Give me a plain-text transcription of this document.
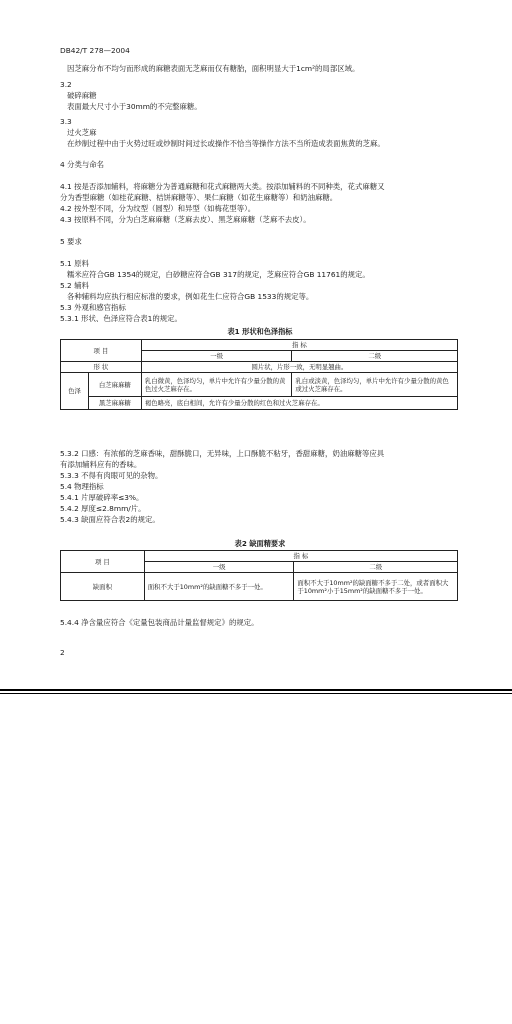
DB42/T 278—2004
因芝麻分布不均匀而形成的麻糖表面无芝麻而仅有糖胎，面积明显大于1cm²的局部区域。
3.2
破碎麻糖
表面最大尺寸小于30mm的不完整麻糖。
3.3
过火芝麻
在炒制过程中由于火势过旺或炒制时间过长或操作不恰当等操作方法不当所造成表面焦黄的芝麻。
4 分类与命名
4.1 按是否添加辅料，将麻糖分为普通麻糖和花式麻糖两大类。按添加辅料的不同种类，花式麻糖又
分为香型麻糖（如桂花麻糖、桔饼麻糖等）、果仁麻糖（如花生麻糖等）和奶油麻糖。
4.2 按外型不同，分为纹型（圆型）和异型（如梅花型等）。
4.3 按原料不同，分为白芝麻麻糖（芝麻去皮）、黑芝麻麻糖（芝麻不去皮）。
5 要求
5.1 原料
糯米应符合GB 1354的规定，白砂糖应符合GB 317的规定，芝麻应符合GB 11761的规定。
5.2 辅料
各种辅料均应执行相应标准的要求，例如花生仁应符合GB 1533的规定等。
5.3 外观和感官指标
5.3.1 形状、色泽应符合表1的规定。
5.3.2 口感：有浓郁的芝麻香味，甜酥脆口，无异味，上口酥脆不粘牙，香甜麻糖，奶油麻糖等应具
有添加辅料应有的香味。
5.3.3 不得有肉眼可见的杂物。
5.4 物理指标
5.4.1 片厚破碎率≤3%。
5.4.2 厚度≤2.8mm/片。
5.4.3 缺面应符合表2的规定。
5.4.4 净含量应符合《定量包装商品计量监督规定》的规定。
表1 形状和色泽指标
项 目		指 标	
		一级	二级
形 状		圆片状，片形一致，无明显翘曲。	
色泽	白芝麻麻糖	乳白微黄，色泽均匀，单片中允许有少量分散的黄色过火芝麻存在。	乳白或淡黄，色泽均匀，单片中允许有少量分散的黄色或过火芝麻存在。
	黑芝麻麻糖	褐色略亮，底白相间，允许有少量分散的红色和过火芝麻存在。	
表2 缺面精要求
项 目	指 标	
	一级	二级
缺面积	面积不大于10mm²的缺面糖不多于一处。	面积不大于10mm²的缺面糖不多于二处，或者面积大于10mm²小于15mm²的缺面糖不多于一处。
2
